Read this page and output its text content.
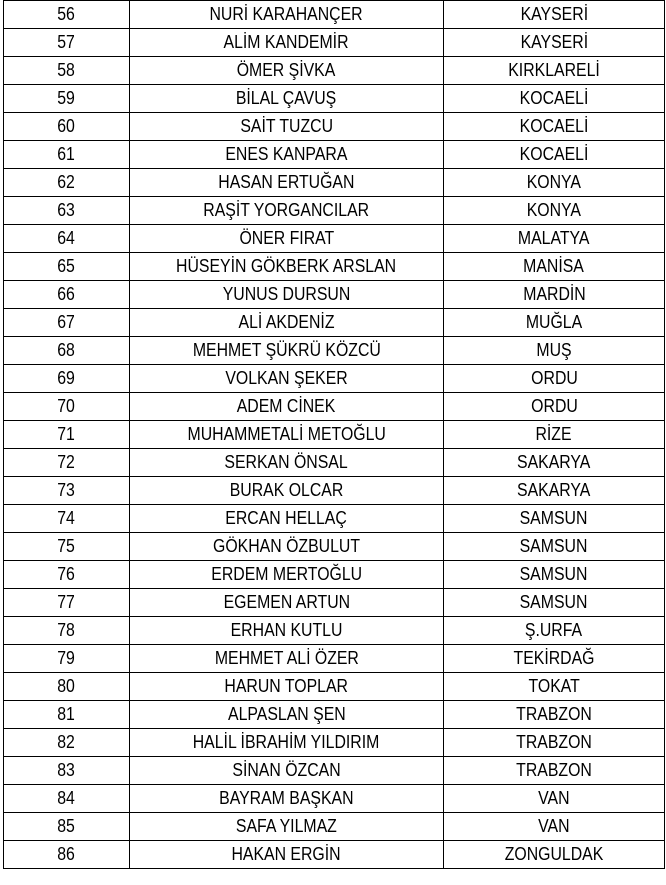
56	NURİ KARAHANÇER	KAYSERİ
57	ALİM KANDEMİR	KAYSERİ
58	ÖMER ŞİVKA	KIRKLARELİ
59	BİLAL ÇAVUŞ	KOCAELİ
60	SAİT TUZCU	KOCAELİ
61	ENES KANPARA	KOCAELİ
62	HASAN ERTUĞAN	KONYA
63	RAŞİT YORGANCILAR	KONYA
64	ÖNER FIRAT	MALATYA
65	HÜSEYİN GÖKBERK ARSLAN	MANİSA
66	YUNUS DURSUN	MARDİN
67	ALİ AKDENİZ	MUĞLA
68	MEHMET ŞÜKRÜ KÖZCÜ	MUŞ
69	VOLKAN ŞEKER	ORDU
70	ADEM CİNEK	ORDU
71	MUHAMMETALİ METOĞLU	RİZE
72	SERKAN ÖNSAL	SAKARYA
73	BURAK OLCAR	SAKARYA
74	ERCAN HELLAÇ	SAMSUN
75	GÖKHAN ÖZBULUT	SAMSUN
76	ERDEM MERTOĞLU	SAMSUN
77	EGEMEN ARTUN	SAMSUN
78	ERHAN KUTLU	Ş.URFA
79	MEHMET ALİ ÖZER	TEKİRDAĞ
80	HARUN TOPLAR	TOKAT
81	ALPASLAN ŞEN	TRABZON
82	HALİL İBRAHİM YILDIRIM	TRABZON
83	SİNAN ÖZCAN	TRABZON
84	BAYRAM BAŞKAN	VAN
85	SAFA YILMAZ	VAN
86	HAKAN ERGİN	ZONGULDAK
